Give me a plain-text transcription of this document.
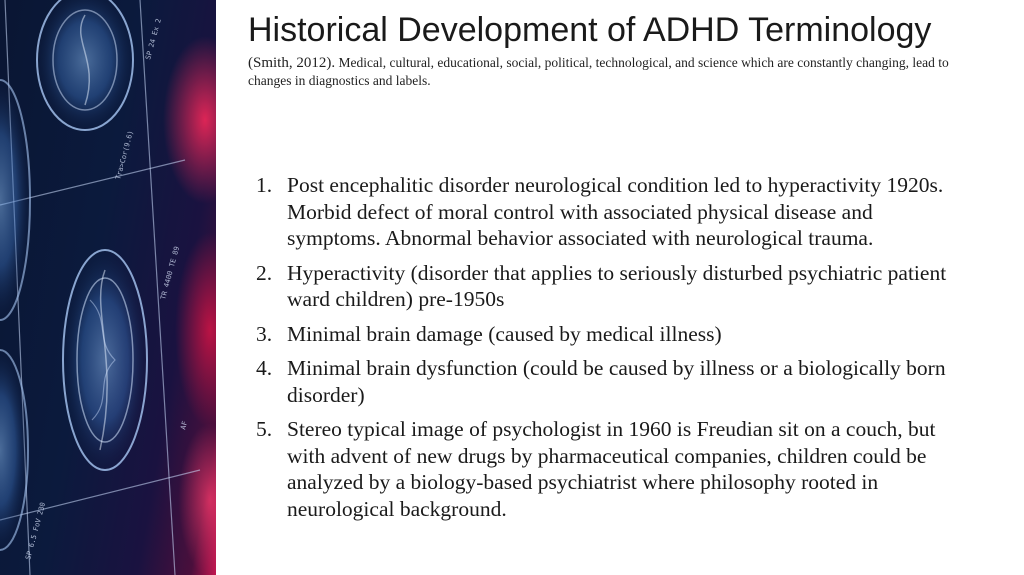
SP 24 Ex 2
Tra>Cor(9.6)
TR 4400 TE 89
SP 6.5 FoV 230
AF
Historical Development of ADHD Terminology
(Smith, 2012). Medical, cultural, educational, social, political, technological, and science which are constantly changing, lead to changes in diagnostics and labels.
1. Post encephalitic disorder neurological condition led to hyperactivity 1920s. Morbid defect of moral control with associated physical disease and symptoms. Abnormal behavior associated with neurological trauma.
2. Hyperactivity (disorder that applies to seriously disturbed psychiatric patient ward children) pre-1950s
3. Minimal brain damage (caused by medical illness)
4. Minimal brain dysfunction (could be caused by illness or a biologically born disorder)
5. Stereo typical image of psychologist in 1960 is Freudian sit on a couch, but with advent of new drugs by pharmaceutical companies, children could be analyzed by a biology-based psychiatrist where philosophy rooted in neurological background.
